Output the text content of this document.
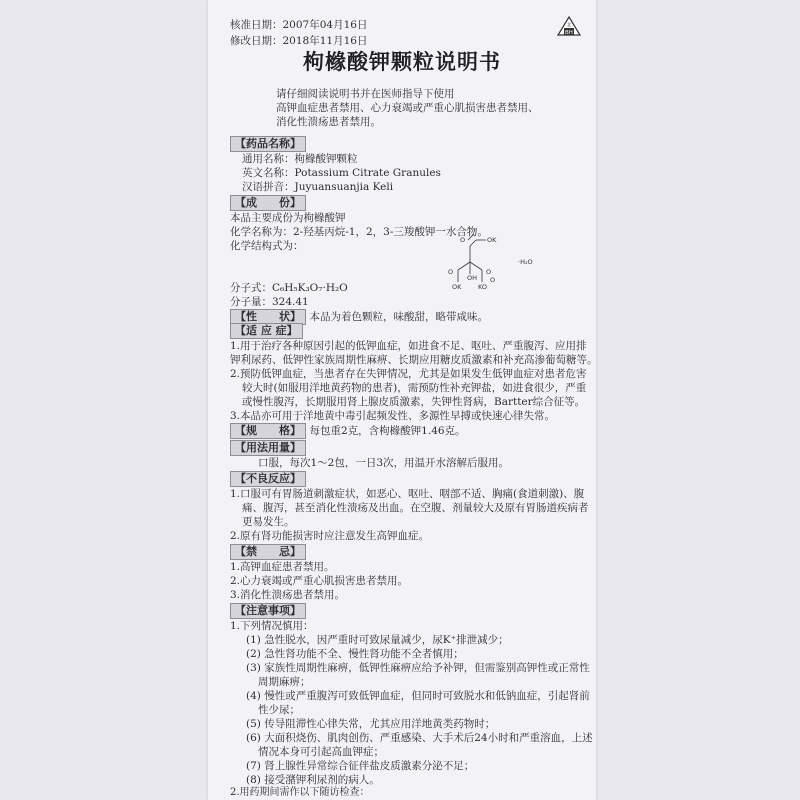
核准日期：2007年04月16日
修改日期：2018年11月16日
BH
北
枸橼酸钾颗粒说明书
请仔细阅读说明书并在医师指导下使用
高钾血症患者禁用、心力衰竭或严重心肌损害患者禁用、
消化性溃疡患者禁用。
【药品名称】
通用名称：枸橼酸钾颗粒
英文名称：Potassium Citrate Granules
汉语拼音：Juyuansuanjia Keli
【成　　份】
本品主要成份为枸橼酸钾
化学名称为：2-羟基丙烷-1，2，3-三羧酸钾一水合物。
化学结构式为：	O	OK
O
OH
O
OK	KO
O
·H₂O
分子式：C₆H₅K₃O₇·H₂O
分子量：324.41
【性　　状】 本品为着色颗粒，味酸甜，略带咸味。
【适 应 症】
1.用于治疗各种原因引起的低钾血症，如进食不足、呕吐、严重腹泻、应用排
钾利尿药、低钾性家族周期性麻痹、长期应用糖皮质激素和补充高渗葡萄糖等。
2.预防低钾血症，当患者存在失钾情况，尤其是如果发生低钾血症对患者危害
较大时(如服用洋地黄药物的患者)，需预防性补充钾盐，如进食很少，严重
或慢性腹泻，长期服用肾上腺皮质激素，失钾性肾病，Bartter综合征等。
3.本品亦可用于洋地黄中毒引起频发性、多源性早搏或快速心律失常。
【规　　格】 每包重2克，含枸橼酸钾1.46克。
【用法用量】
口服，每次1～2包，一日3次，用温开水溶解后服用。
【不良反应】
1.口服可有胃肠道刺激症状，如恶心、呕吐、咽部不适、胸痛(食道刺激)、腹
痛、腹泻，甚至消化性溃疡及出血。在空腹、剂量较大及原有胃肠道疾病者
更易发生。
2.原有肾功能损害时应注意发生高钾血症。
【禁　　忌】
1.高钾血症患者禁用。
2.心力衰竭或严重心肌损害患者禁用。
3.消化性溃疡患者禁用。
【注意事项】
1.下列情况慎用：
(1) 急性脱水，因严重时可致尿量减少，尿K⁺排泄减少；
(2) 急性肾功能不全、慢性肾功能不全者慎用；
(3) 家族性周期性麻痹，低钾性麻痹应给予补钾，但需鉴别高钾性或正常性
周期麻痹；
(4) 慢性或严重腹泻可致低钾血症，但同时可致脱水和低钠血症，引起肾前
性少尿；
(5) 传导阻滞性心律失常，尤其应用洋地黄类药物时；
(6) 大面积烧伤、肌肉创伤、严重感染、大手术后24小时和严重溶血，上述
情况本身可引起高血钾症；
(7) 肾上腺性异常综合征伴盐皮质激素分泌不足；
(8) 接受潴钾利尿剂的病人。
2.用药期间需作以下随访检查：
